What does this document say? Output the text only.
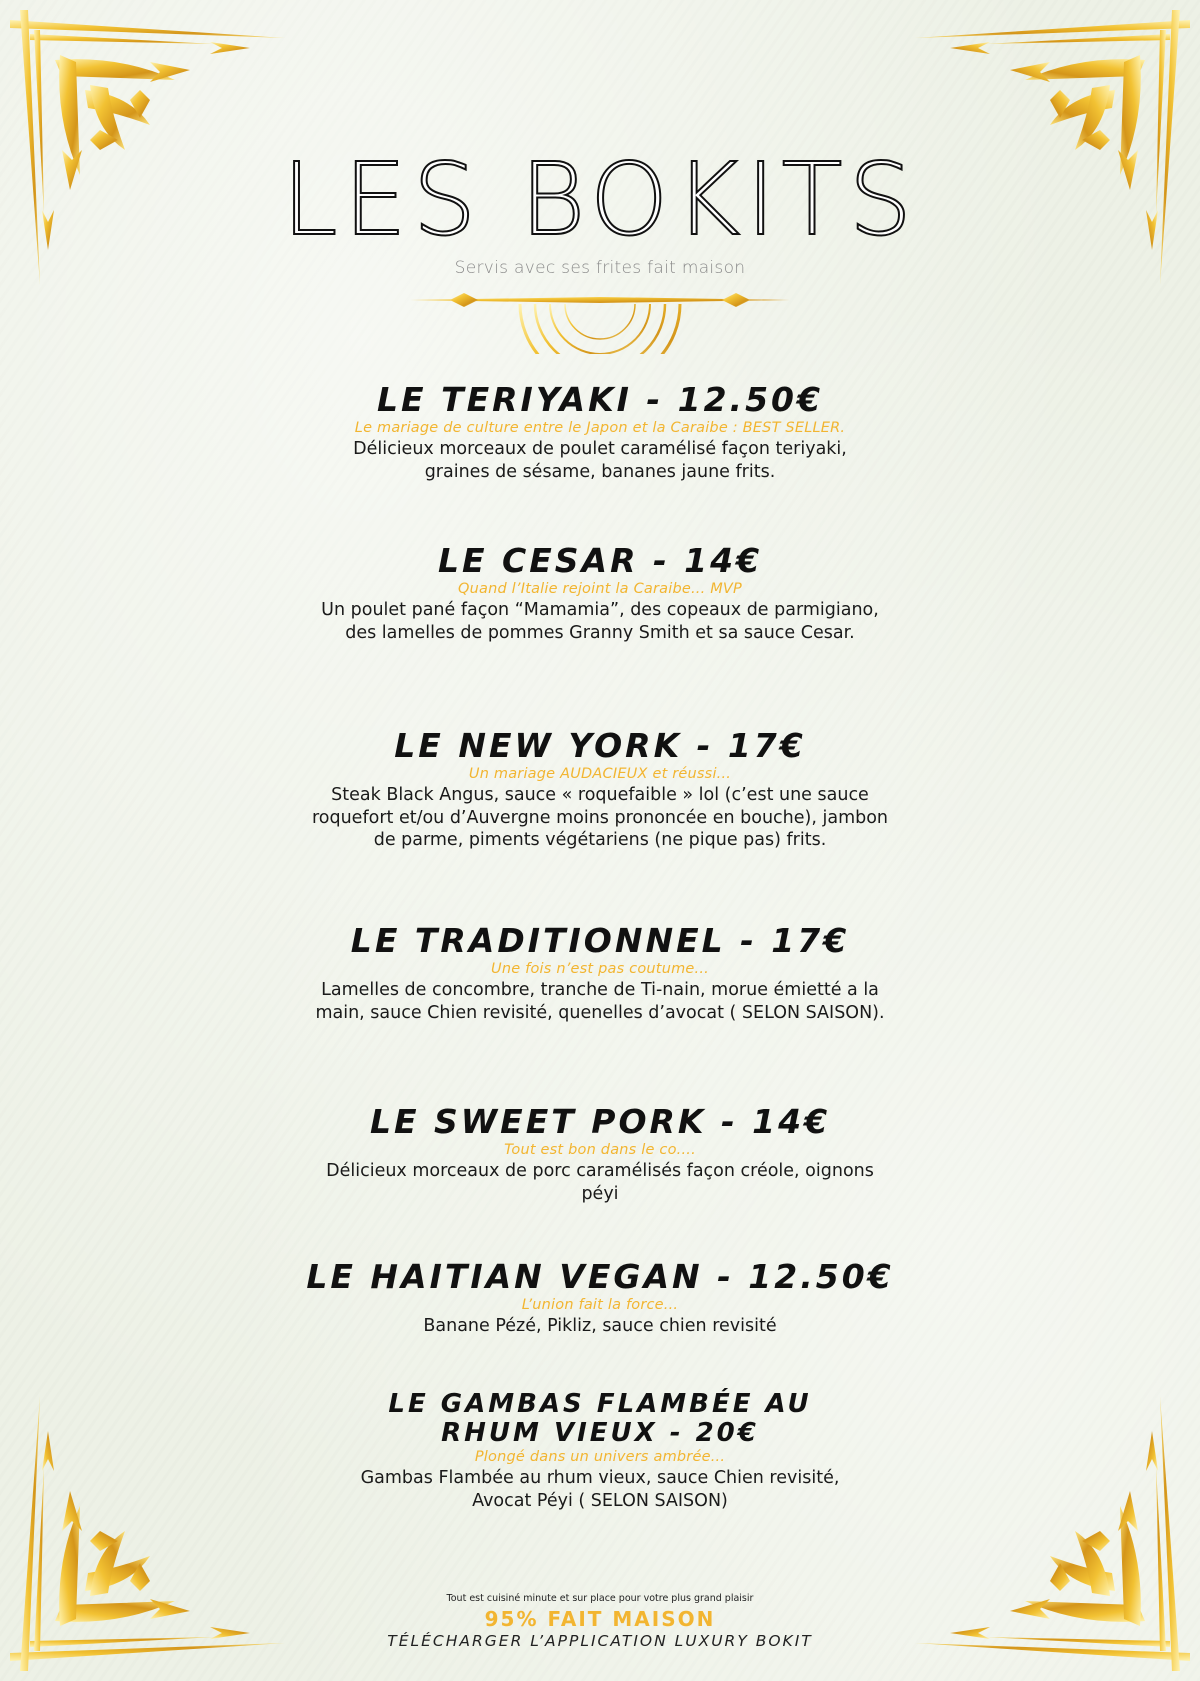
LES BOKITS
Servis avec ses frites fait maison
LE TERIYAKI - 12.50€
Le mariage de culture entre le Japon et la Caraibe : BEST SELLER.
Délicieux morceaux de poulet caramélisé façon teriyaki, graines de sésame, bananes jaune frits.
LE CESAR - 14€
Quand l’Italie rejoint la Caraibe... MVP
Un poulet pané façon “Mamamia”, des copeaux de parmigiano, des lamelles de pommes Granny Smith et sa sauce Cesar.
LE NEW YORK - 17€
Un mariage AUDACIEUX et réussi...
Steak Black Angus, sauce « roquefaible » lol (c’est une sauce roquefort et/ou d’Auvergne moins prononcée en bouche), jambon de parme, piments végétariens (ne pique pas) frits.
LE TRADITIONNEL - 17€
Une fois n’est pas coutume...
Lamelles de concombre, tranche de Ti-nain, morue émietté a la main, sauce Chien revisité, quenelles d’avocat ( SELON SAISON).
LE SWEET PORK - 14€
Tout est bon dans le co....
Délicieux morceaux de porc caramélisés façon créole, oignons péyi
LE HAITIAN VEGAN - 12.50€
L’union fait la force...
Banane Pézé, Pikliz, sauce chien revisité
LE GAMBAS FLAMBÉE AU
RHUM VIEUX - 20€
Plongé dans un univers ambrée...
Gambas Flambée au rhum vieux, sauce Chien revisité, Avocat Péyi ( SELON SAISON)

Tout est cuisiné minute et sur place pour votre plus grand plaisir

95% FAIT MAISON

TÉLÉCHARGER L’APPLICATION LUXURY BOKIT
